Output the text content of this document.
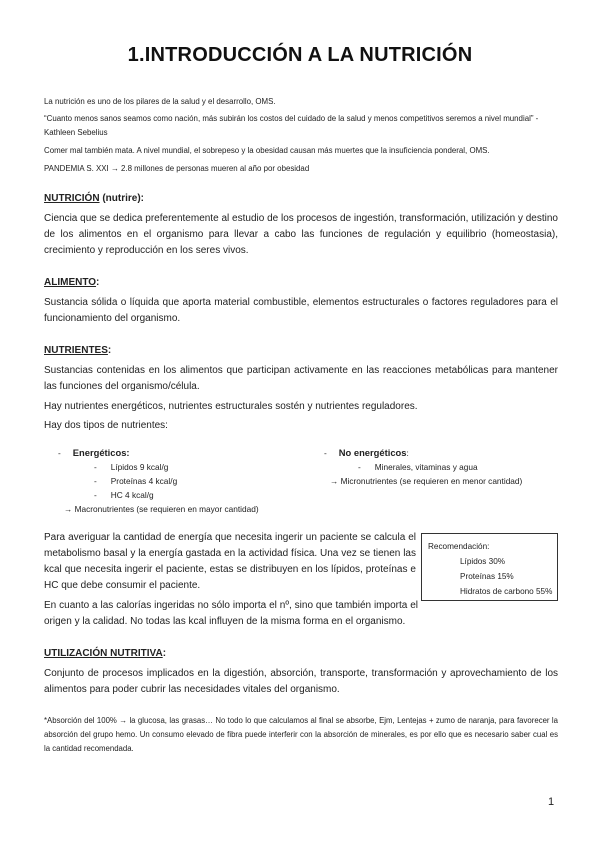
1.INTRODUCCIÓN A LA NUTRICIÓN

La nutrición es uno de los pilares de la salud y el desarrollo, OMS.

“Cuanto menos sanos seamos como nación, más subirán los costos del cuidado de la salud y menos competitivos seremos a nivel mundial” - Kathleen Sebelius

Comer mal también mata. A nivel mundial, el sobrepeso y la obesidad causan más muertes que la insuficiencia ponderal, OMS.

PANDEMIA S. XXI → 2.8 millones de personas mueren al año por obesidad

NUTRICIÓN (nutrire):

Ciencia que se dedica preferentemente al estudio de los procesos de ingestión, transformación, utilización y destino de los alimentos en el organismo para llevar a cabo las funciones de regulación y equilibrio (homeostasia), crecimiento y reproducción en los seres vivos.

ALIMENTO:

Sustancia sólida o líquida que aporta material combustible, elementos estructurales o factores reguladores para el funcionamiento del organismo.

NUTRIENTES:

Sustancias contenidas en los alimentos que participan activamente en las reacciones metabólicas para mantener las funciones del organismo/célula.

Hay nutrientes energéticos, nutrientes estructurales sostén y nutrientes reguladores.

Hay dos tipos de nutrientes:

- Energéticos:
- Lípidos 9 kcal/g
- Proteínas 4 kcal/g
- HC 4 kcal/g
→ Macronutrientes (se requieren en mayor cantidad)
- No energéticos:
- Minerales, vitaminas y agua
→ Micronutrientes (se requieren en menor cantidad)

Para averiguar la cantidad de energía que necesita ingerir un paciente se calcula el metabolismo basal y la energía gastada en la actividad física. Una vez se tienen las kcal que necesita ingerir el paciente, estas se distribuyen en los lípidos, proteínas e HC que debe consumir el paciente.

En cuanto a las calorías ingeridas no sólo importa el nº, sino que también importa el origen y la calidad. No todas las kcal influyen de la misma forma en el organismo.

Recomendación:
Lípidos 30%
Proteínas 15%
Hidratos de carbono 55%
UTILIZACIÓN NUTRITIVA:

Conjunto de procesos implicados en la digestión, absorción, transporte, transformación y aprovechamiento de los alimentos para poder cubrir las necesidades vitales del organismo.

*Absorción del 100% → la glucosa, las grasas… No todo lo que calculamos al final se absorbe, Ejm, Lentejas + zumo de naranja, para favorecer la absorción del grupo hemo. Un consumo elevado de fibra puede interferir con la absorción de minerales, es por ello que es necesario saber cual es la cantidad recomendada.

1
